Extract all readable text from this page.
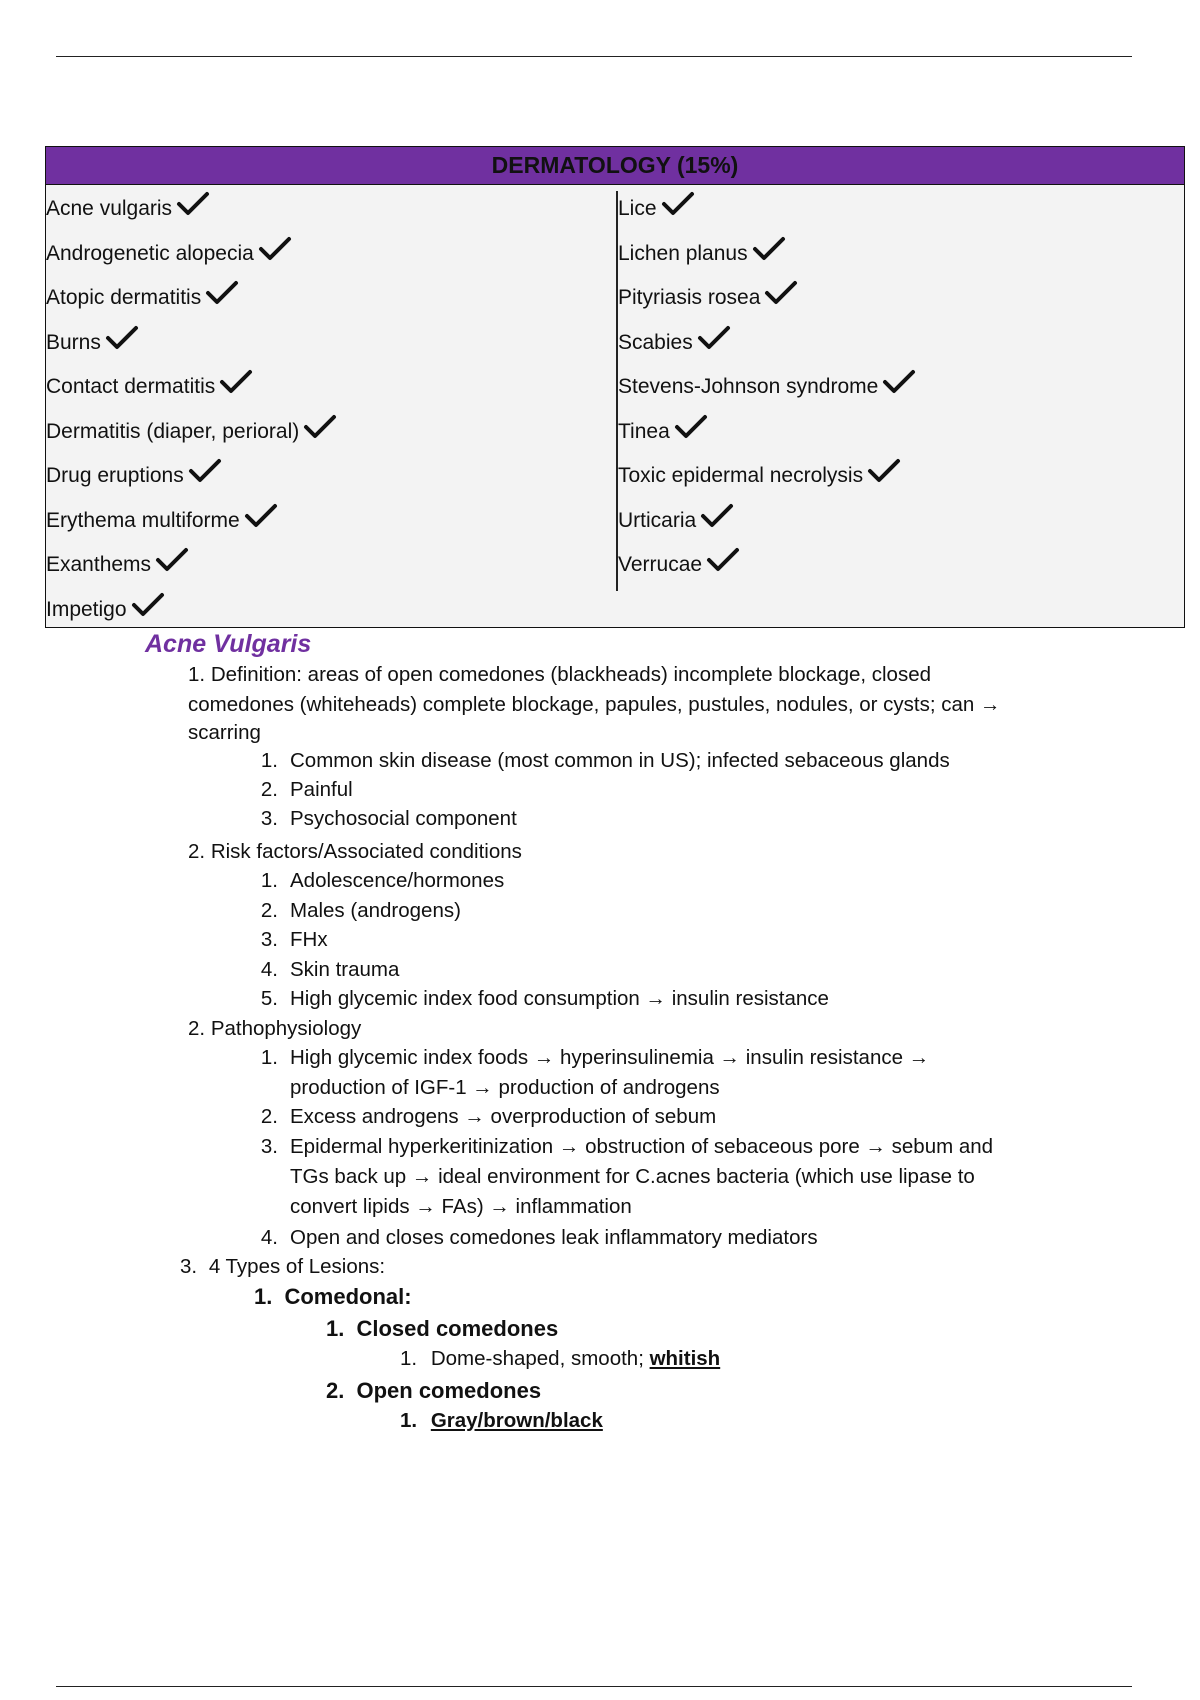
DERMATOLOGY (15%)
Acne vulgaris
Androgenetic alopecia
Atopic dermatitis
Burns
Contact dermatitis
Dermatitis (diaper, perioral)
Drug eruptions
Erythema multiforme
Exanthems
Impetigo
Lice
Lichen planus
Pityriasis rosea
Scabies
Stevens-Johnson syndrome
Tinea
Toxic epidermal necrolysis
Urticaria
Verrucae
Acne Vulgaris
1. Definition: areas of open comedones (blackheads) incomplete blockage, closed
comedones (whiteheads) complete blockage, papules, pustules, nodules, or cysts; can →
scarring
1. Common skin disease (most common in US); infected sebaceous glands
2. Painful
3. Psychosocial component
2. Risk factors/Associated conditions
1. Adolescence/hormones
2. Males (androgens)
3. FHx
4. Skin trauma
5. High glycemic index food consumption → insulin resistance
2. Pathophysiology
1. High glycemic index foods → hyperinsulinemia → insulin resistance →
production of IGF-1 → production of androgens
2. Excess androgens → overproduction of sebum
3. Epidermal hyperkeritinization → obstruction of sebaceous pore → sebum and
TGs back up → ideal environment for C.acnes bacteria (which use lipase to
convert lipids → FAs) → inflammation
4. Open and closes comedones leak inflammatory mediators
3. 4 Types of Lesions:
1. Comedonal:
1. Closed comedones
1. Dome-shaped, smooth; whitish
2. Open comedones
1. Gray/brown/black
